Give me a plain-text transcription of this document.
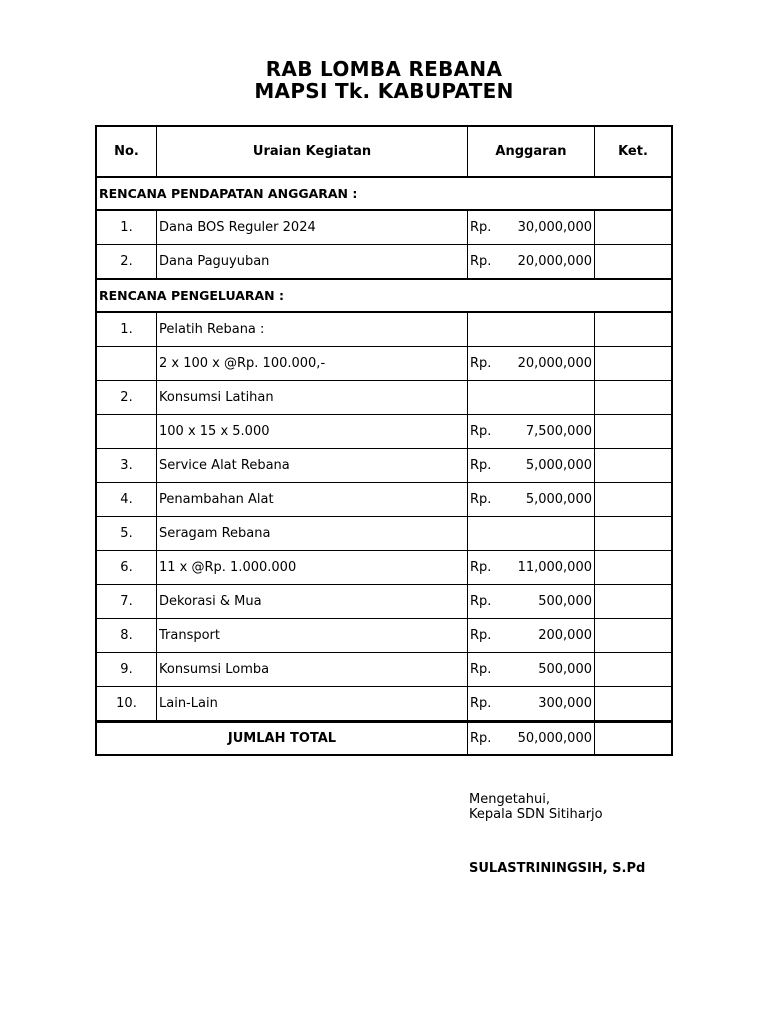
RAB LOMBA REBANA
MAPSI Tk. KABUPATEN
No.	Uraian Kegiatan	Anggaran	Ket.
RENCANA PENDAPATAN ANGGARAN :			
1.	Dana BOS Reguler 2024	Rp. 30,000,000	

2.	Dana Paguyuban	Rp. 20,000,000	

RENCANA PENGELUARAN :			
1.	Pelatih Rebana :	

	2 x 100 x @Rp. 100.000,-	Rp. 20,000,000	

2.	Konsumsi Latihan	

	100 x 15 x 5.000	Rp. 7,500,000	

3.	Service Alat Rebana	Rp. 5,000,000	

4.	Penambahan Alat	Rp. 5,000,000	

5.	Seragam Rebana	

6.	11 x @Rp. 1.000.000	Rp. 11,000,000	

7.	Dekorasi & Mua	Rp. 500,000	

8.	Transport	Rp. 200,000	

9.	Konsumsi Lomba	Rp. 500,000	

10.	Lain-Lain	Rp. 300,000	

JUMLAH TOTAL		Rp. 50,000,000	

Mengetahui,
Kepala SDN Sitiharjo
SULASTRININGSIH, S.Pd
